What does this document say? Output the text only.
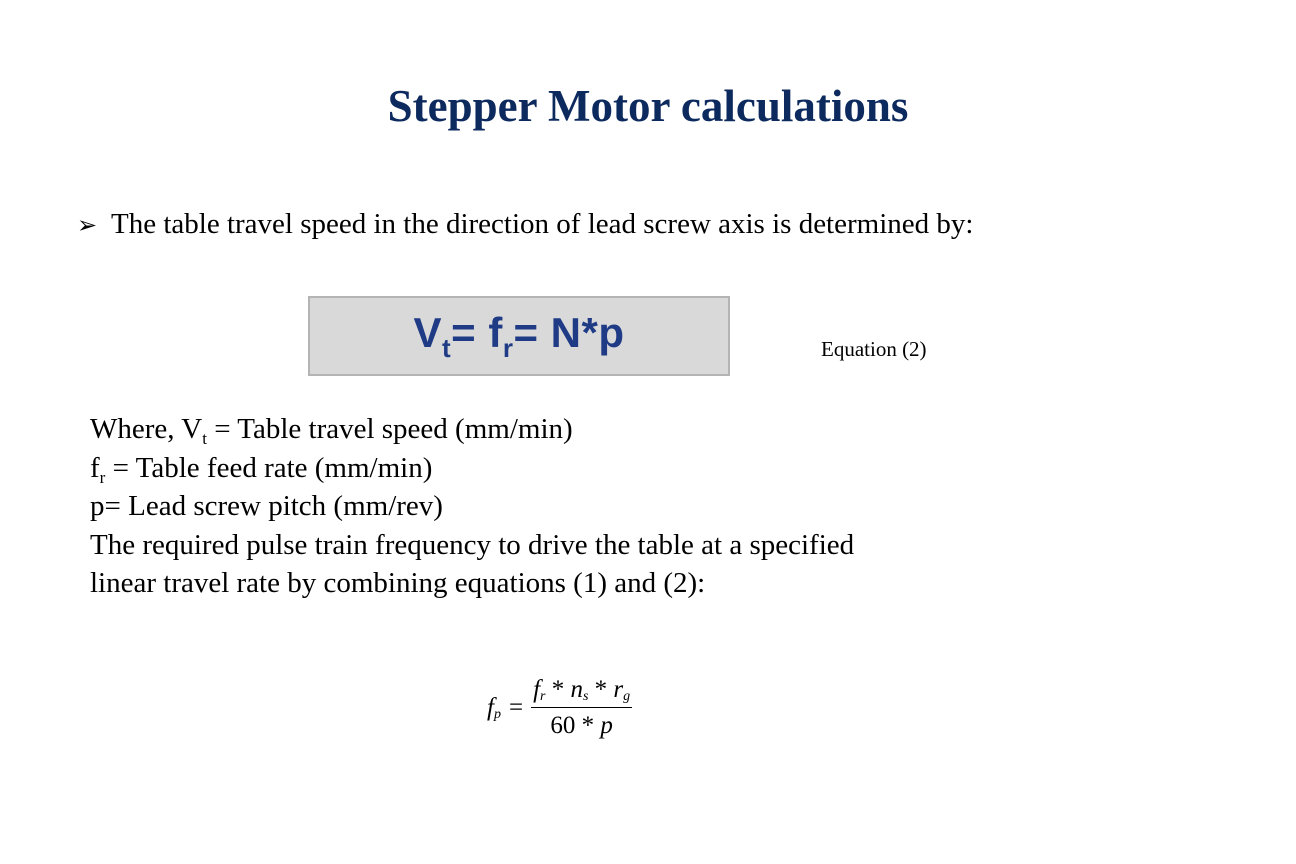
Stepper Motor calculations
➢ The table travel speed in the direction of lead screw axis is determined by:
$V_t= f_r= N*p$	Equation (2)
Where, $V_t$ = Table travel speed (mm/min)
$f_r$ = Table feed rate (mm/min)
p= Lead screw pitch (mm/rev)
The required pulse train frequency to drive the table at a specified
linear travel rate by combining equations (1) and (2):
$f_p = \frac{f_r * n_s * r_g}{60 * p}$
